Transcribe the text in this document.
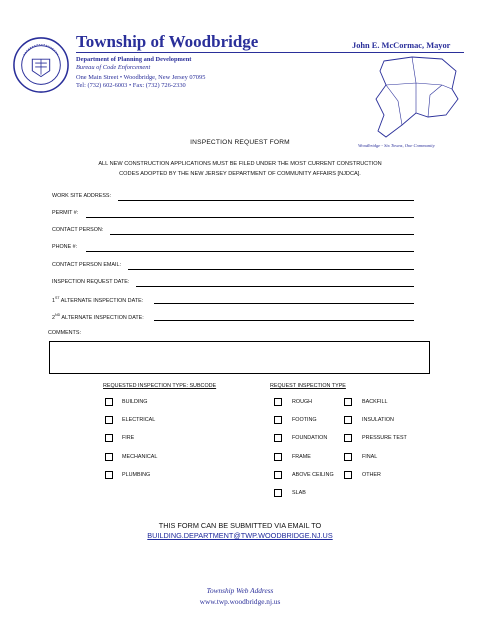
Township of Woodbridge	John E. McCormac, Mayor
Department of Planning and Development
Bureau of Code Enforcement
One Main Street • Woodbridge, New Jersey 07095
Tel: (732) 602-6003 • Fax: (732) 726-2330
Woodbridge - Six Towns, One Community
INSPECTION REQUEST FORM
ALL NEW CONSTRUCTION APPLICATIONS MUST BE FILED UNDER THE MOST CURRENT CONSTRUCTION
CODES ADOPTED BY THE NEW JERSEY DEPARTMENT OF COMMUNITY AFFAIRS [NJDCA].
WORK SITE ADDRESS:
PERMIT #:
CONTACT PERSON:
PHONE #:
CONTACT PERSON EMAIL:
INSPECTION REQUEST DATE:
1ST ALTERNATE INSPECTION DATE:
2ND ALTERNATE INSPECTION DATE:
COMMENTS:
REQUESTED INSPECTION TYPE: SUBCODE	REQUEST INSPECTION TYPE
BUILDING
ELECTRICAL
FIRE
MECHANICAL
PLUMBING
ROUGH
FOOTING
FOUNDATION
FRAME
ABOVE CEILING
SLAB
BACKFILL
INSULATION
PRESSURE TEST
FINAL
OTHER
THIS FORM CAN BE SUBMITTED VIA EMAIL TO
BUILDING.DEPARTMENT@TWP.WOODBRIDGE.NJ.US
Township Web Address
www.twp.woodbridge.nj.us
